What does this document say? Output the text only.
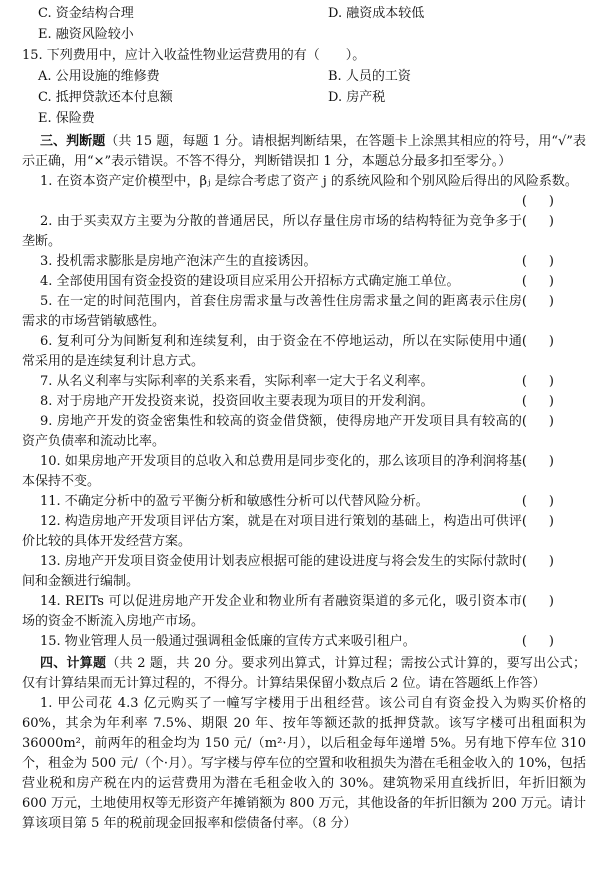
C. 资金结构合理	D. 融资成本较低
E. 融资风险较小
15. 下列费用中，应计入收益性物业运营费用的有（　　）。
A. 公用设施的维修费	B. 人员的工资
C. 抵押贷款还本付息额	D. 房产税
E. 保险费

三、判断题（共 15 题，每题 1 分。请根据判断结果，在答题卡上涂黑其相应的符号，用“√”表示正确，用“×”表示错误。不答不得分，判断错误扣 1 分，本题总分最多扣至零分。）

1. 在资本资产定价模型中，βⱼ 是综合考虑了资产 j 的系统风险和个别风险后得出的风险系数。
()
()
2. 由于买卖双方主要为分散的普通居民，所以存量住房市场的结构特征为竞争多于垄断。
()
3. 投机需求膨胀是房地产泡沫产生的直接诱因。
()
4. 全部使用国有资金投资的建设项目应采用公开招标方式确定施工单位。
()
5. 在一定的时间范围内，首套住房需求量与改善性住房需求量之间的距离表示住房需求的市场营销敏感性。
()
6. 复利可分为间断复利和连续复利，由于资金在不停地运动，所以在实际使用中通常采用的是连续复利计息方式。
()
7. 从名义利率与实际利率的关系来看，实际利率一定大于名义利率。
()
8. 对于房地产开发投资来说，投资回收主要表现为项目的开发利润。
()
9. 房地产开发的资金密集性和较高的资金借贷额，使得房地产开发项目具有较高的资产负债率和流动比率。
()
10. 如果房地产开发项目的总收入和总费用是同步变化的，那么该项目的净利润将基本保持不变。
()
11. 不确定分析中的盈亏平衡分析和敏感性分析可以代替风险分析。
()
12. 构造房地产开发项目评估方案，就是在对项目进行策划的基础上，构造出可供评价比较的具体开发经营方案。
()
13. 房地产开发项目资金使用计划表应根据可能的建设进度与将会发生的实际付款时间和金额进行编制。
()
14. REITs 可以促进房地产开发企业和物业所有者融资渠道的多元化，吸引资本市场的资金不断流入房地产市场。
()
15. 物业管理人员一般通过强调租金低廉的宣传方式来吸引租户。

四、计算题（共 2 题，共 20 分。要求列出算式，计算过程；需按公式计算的，要写出公式；仅有计算结果而无计算过程的，不得分。计算结果保留小数点后 2 位。请在答题纸上作答）

1. 甲公司花 4.3 亿元购买了一幢写字楼用于出租经营。该公司自有资金投入为购买价格的 60%，其余为年利率 7.5%、期限 20 年、按年等额还款的抵押贷款。该写字楼可出租面积为 36000m²，前两年的租金均为 150 元/（m²·月），以后租金每年递增 5%。另有地下停车位 310 个，租金为 500 元/（个·月）。写字楼与停车位的空置和收租损失为潜在毛租金收入的 10%，包括营业税和房产税在内的运营费用为潜在毛租金收入的 30%。建筑物采用直线折旧，年折旧额为 600 万元，土地使用权等无形资产年摊销额为 800 万元，其他设备的年折旧额为 200 万元。请计算该项目第 5 年的税前现金回报率和偿债备付率。（8 分）
